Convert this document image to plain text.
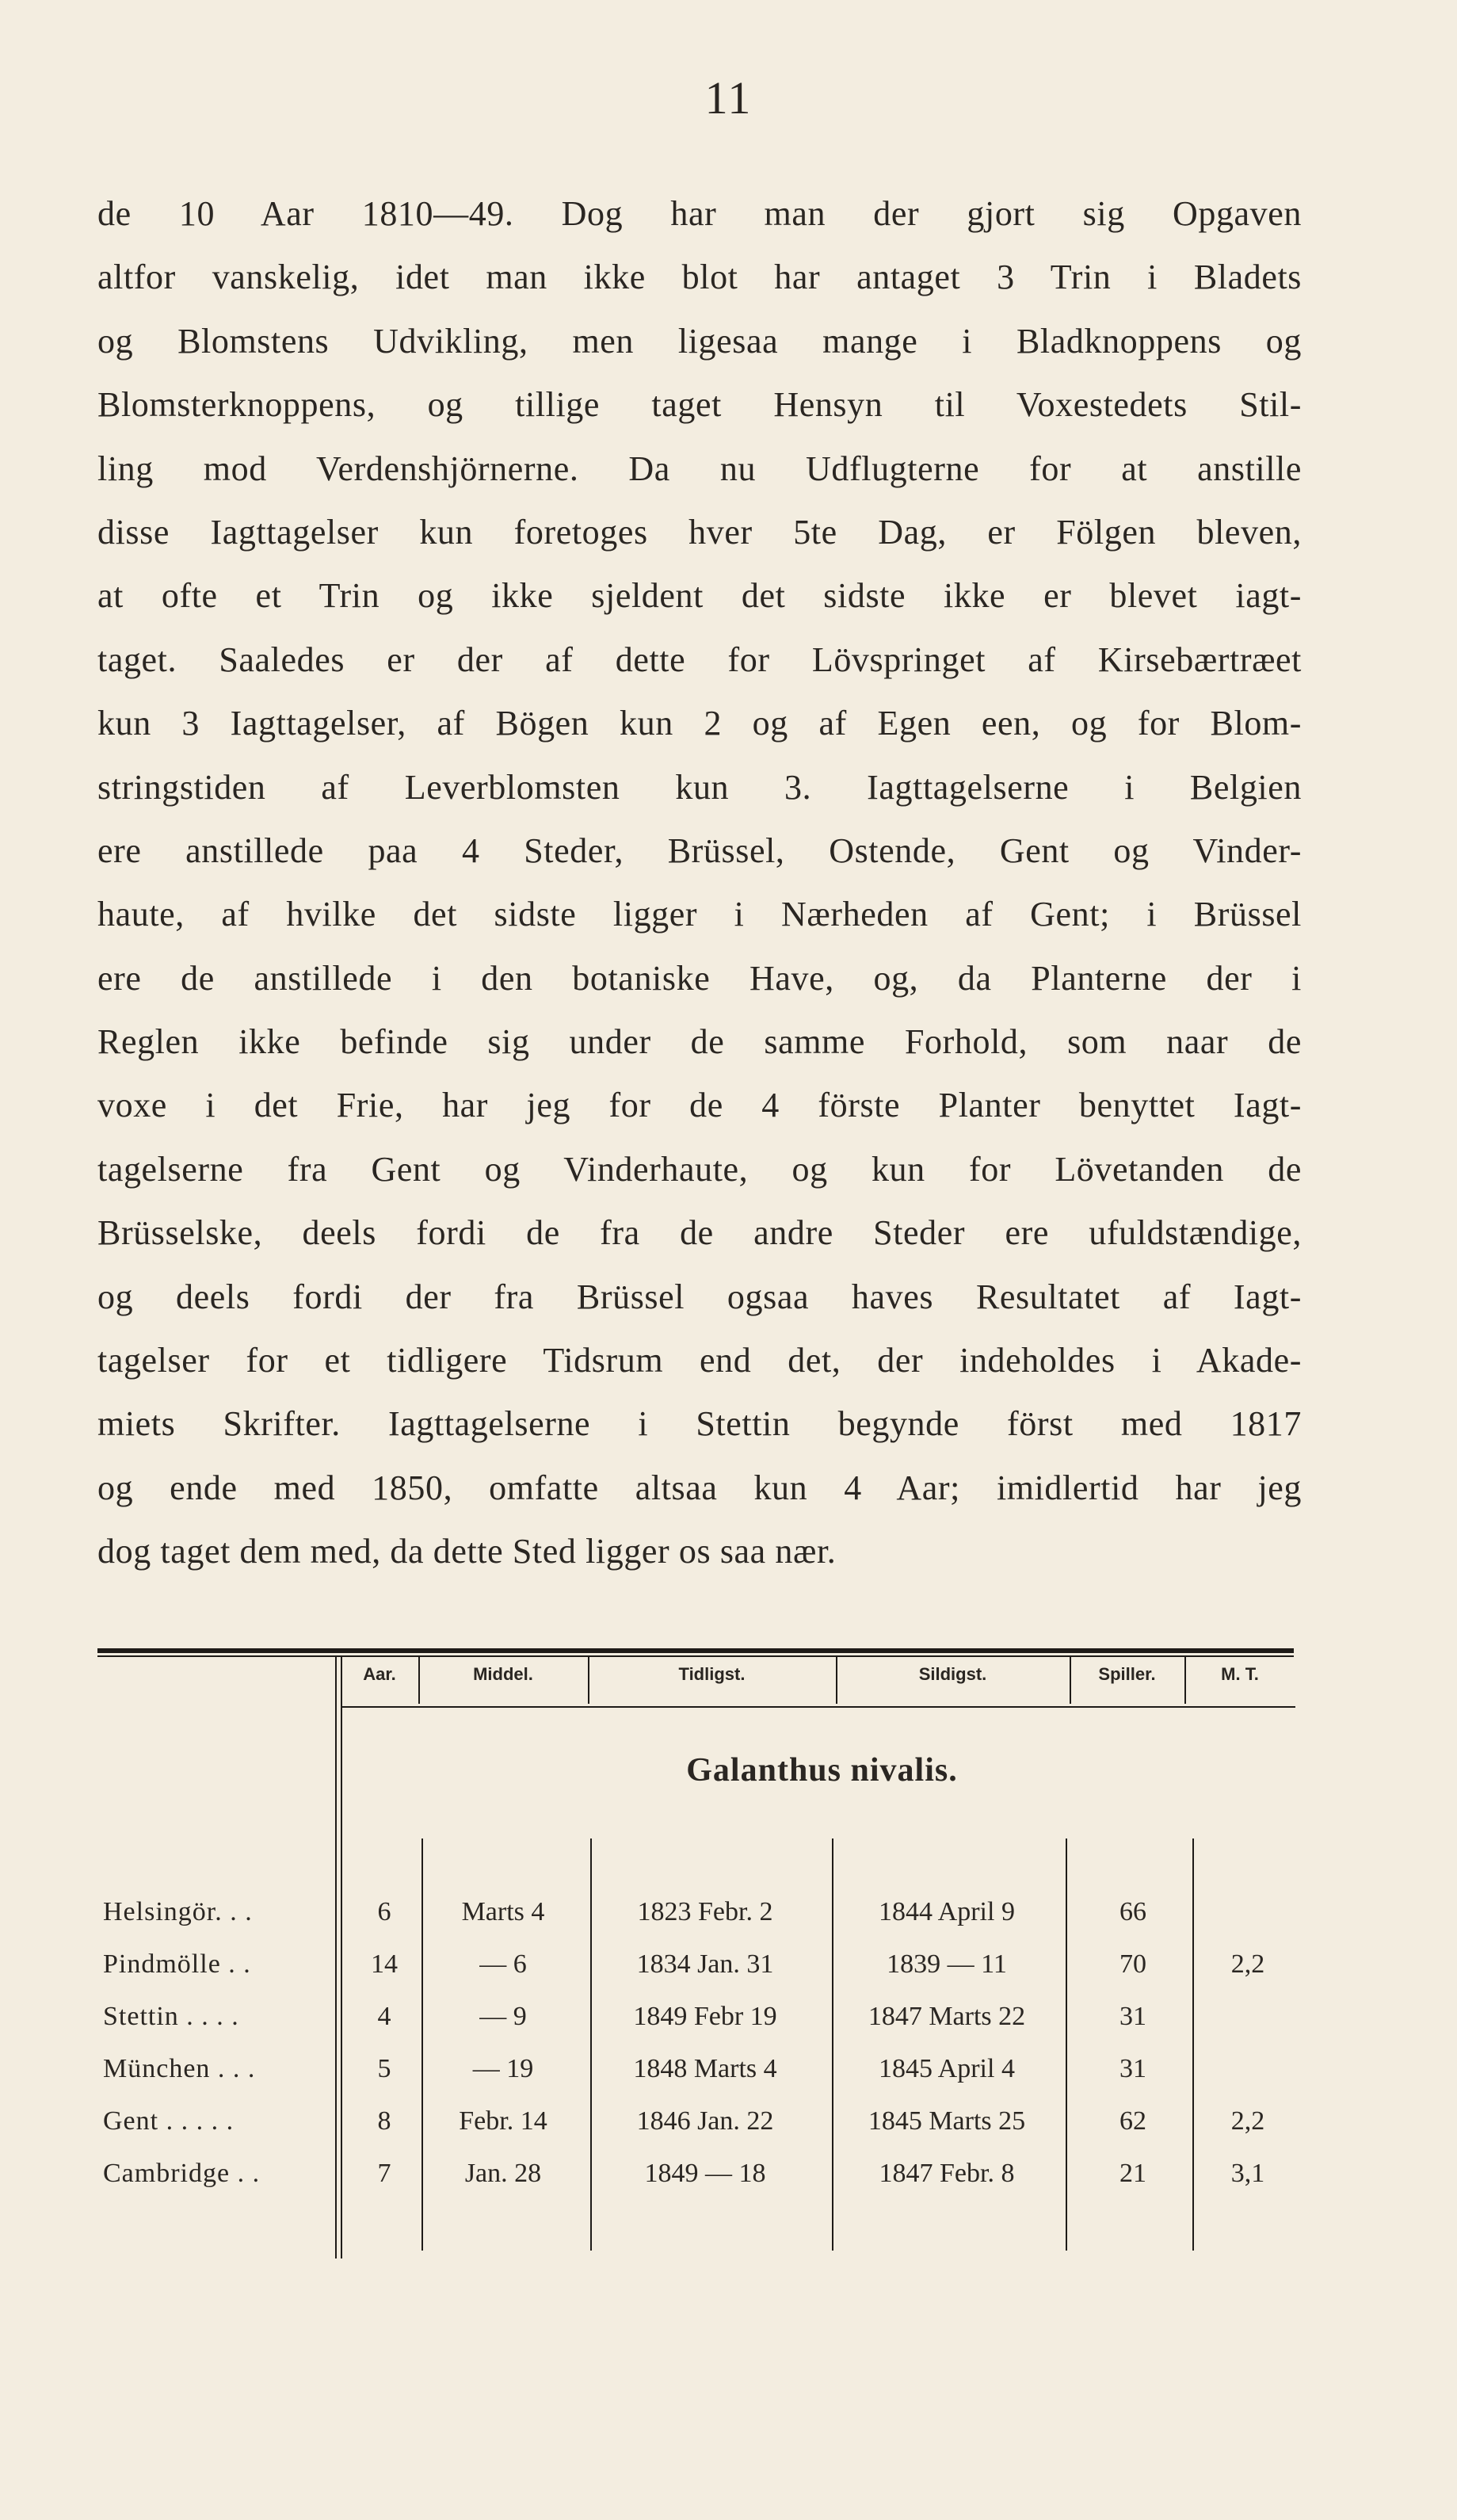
11
de 10 Aar 1810—49. Dog har man der gjort sig Opgaven
altfor vanskelig, idet man ikke blot har antaget 3 Trin i Bladets
og Blomstens Udvikling, men ligesaa mange i Bladknoppens og
Blomsterknoppens, og tillige taget Hensyn til Voxestedets Stil-
ling mod Verdenshjörnerne. Da nu Udflugterne for at anstille
disse Iagttagelser kun foretoges hver 5te Dag, er Fölgen bleven,
at ofte et Trin og ikke sjeldent det sidste ikke er blevet iagt-
taget. Saaledes er der af dette for Lövspringet af Kirsebærtræet
kun 3 Iagttagelser, af Bögen kun 2 og af Egen een, og for Blom-
stringstiden af Leverblomsten kun 3. Iagttagelserne i Belgien
ere anstillede paa 4 Steder, Brüssel, Ostende, Gent og Vinder-
haute, af hvilke det sidste ligger i Nærheden af Gent; i Brüssel
ere de anstillede i den botaniske Have, og, da Planterne der i
Reglen ikke befinde sig under de samme Forhold, som naar de
voxe i det Frie, har jeg for de 4 förste Planter benyttet Iagt-
tagelserne fra Gent og Vinderhaute, og kun for Lövetanden de
Brüsselske, deels fordi de fra de andre Steder ere ufuldstændige,
og deels fordi der fra Brüssel ogsaa haves Resultatet af Iagt-
tagelser for et tidligere Tidsrum end det, der indeholdes i Akade-
miets Skrifter. Iagttagelserne i Stettin begynde först med 1817
og ende med 1850, omfatte altsaa kun 4 Aar; imidlertid har jeg
dog taget dem med, da dette Sted ligger os saa nær.
Aar.	Middel.	Tidligst.	Sildigst.	Spiller.	M. T.
Galanthus nivalis.
Helsingör. . .	6	Marts 4	1823 Febr. 2	1844 April 9	66
Pindmölle . .	14	— 6	1834 Jan. 31	1839 — 11	70	2,2
Stettin . . . .	4	— 9	1849 Febr 19	1847 Marts 22	31
München . . .	5	— 19	1848 Marts 4	1845 April 4	31
Gent . . . . .	8	Febr. 14	1846 Jan. 22	1845 Marts 25	62	2,2
Cambridge . .	7	Jan. 28	1849 — 18	1847 Febr. 8	21	3,1
